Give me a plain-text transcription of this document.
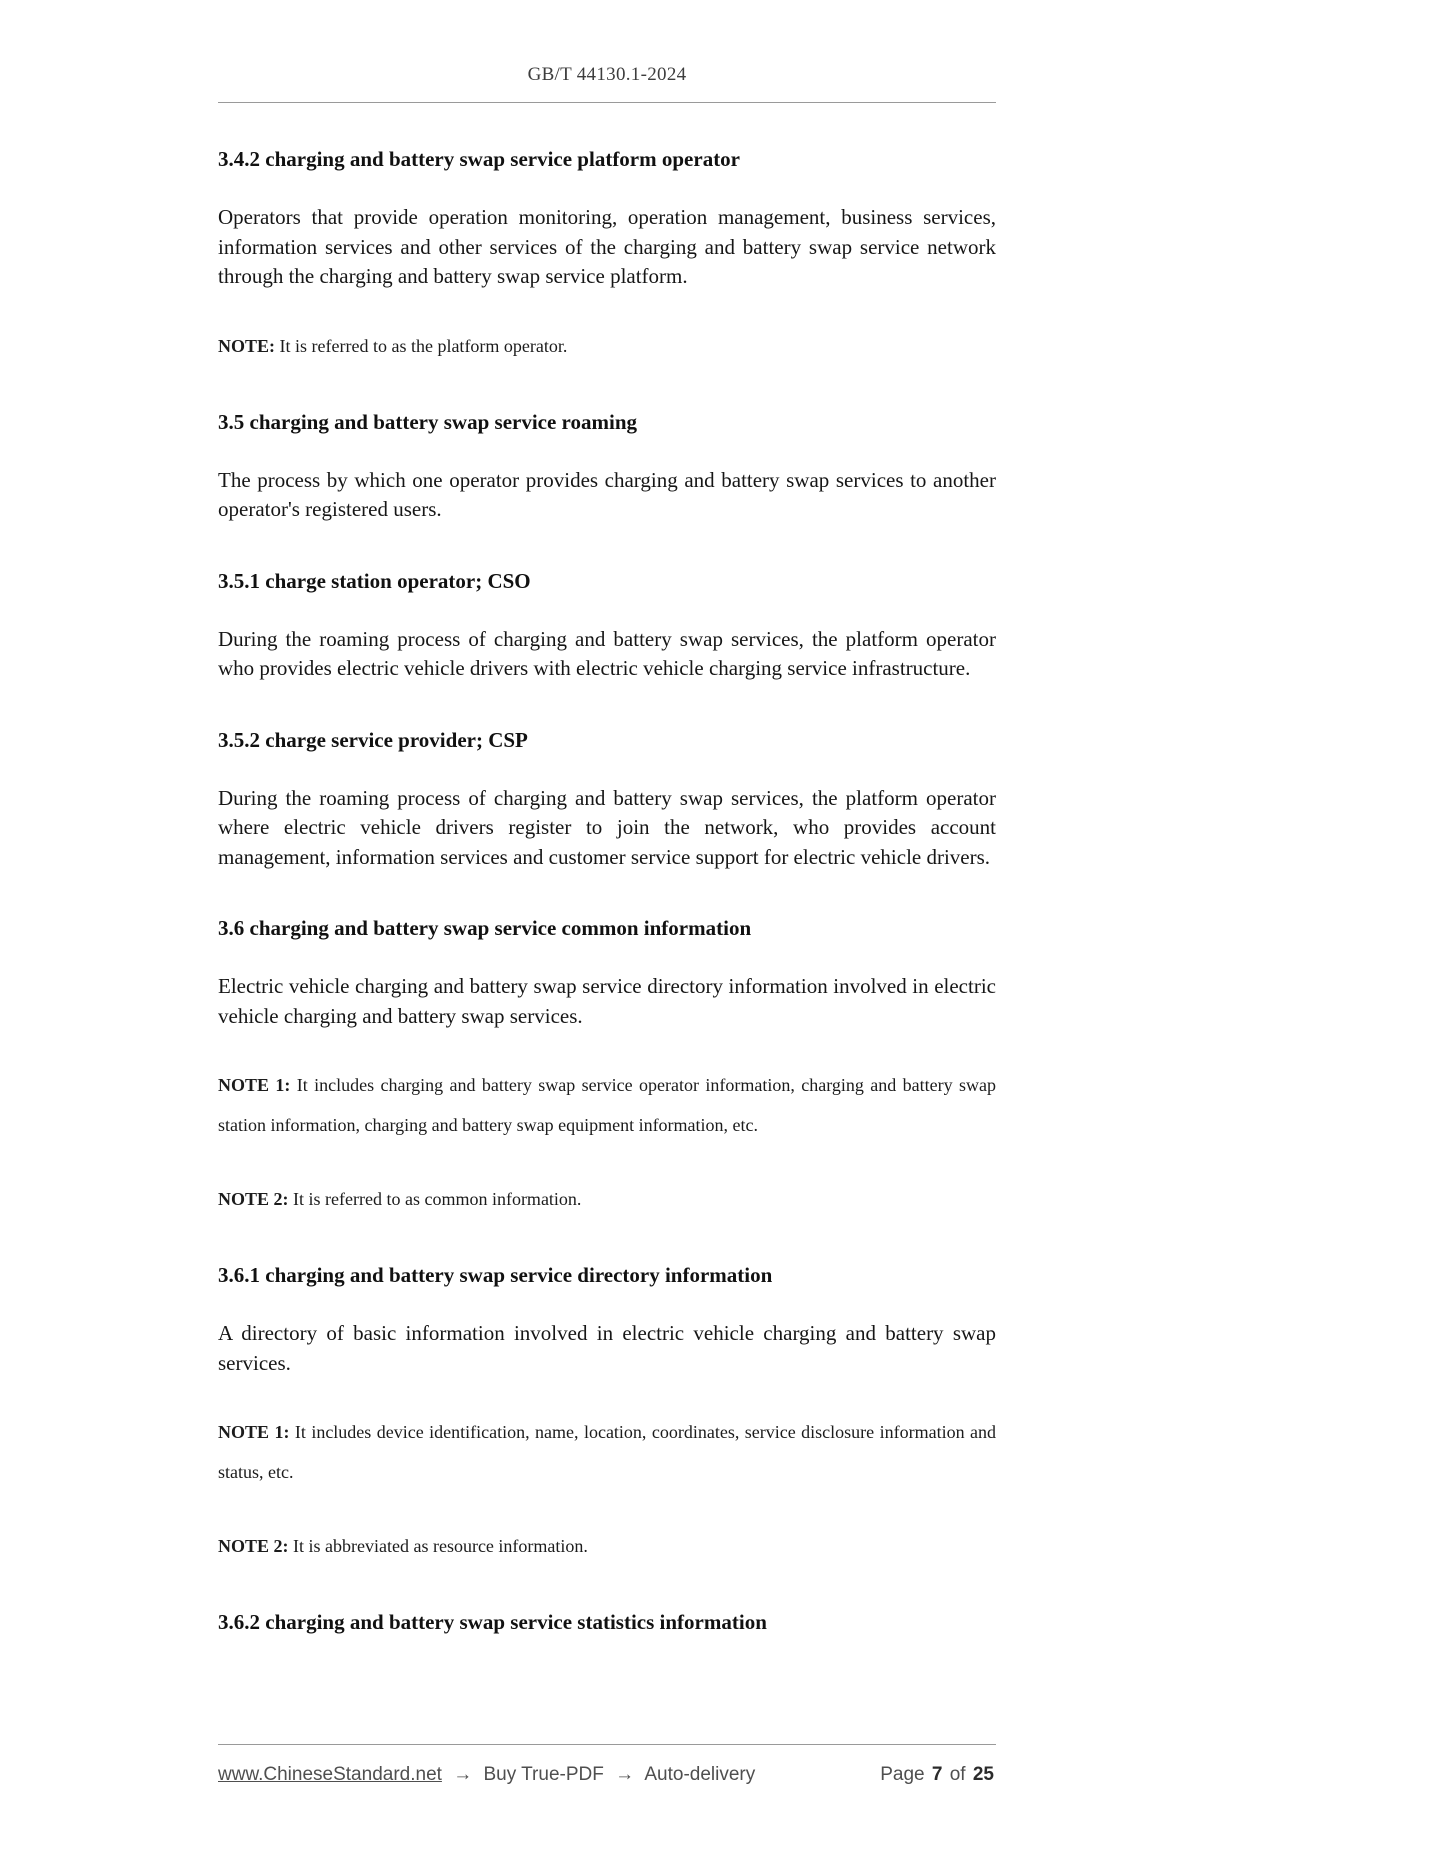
GB/T 44130.1-2024
3.4.2 charging and battery swap service platform operator

Operators that provide operation monitoring, operation management, business services, information services and other services of the charging and battery swap service network through the charging and battery swap service platform.

NOTE: It is referred to as the platform operator.

3.5 charging and battery swap service roaming

The process by which one operator provides charging and battery swap services to another operator's registered users.

3.5.1 charge station operator; CSO

During the roaming process of charging and battery swap services, the platform operator who provides electric vehicle drivers with electric vehicle charging service infrastructure.

3.5.2 charge service provider; CSP

During the roaming process of charging and battery swap services, the platform operator where electric vehicle drivers register to join the network, who provides account management, information services and customer service support for electric vehicle drivers.

3.6 charging and battery swap service common information

Electric vehicle charging and battery swap service directory information involved in electric vehicle charging and battery swap services.

NOTE 1: It includes charging and battery swap service operator information, charging and battery swap station information, charging and battery swap equipment information, etc.

NOTE 2: It is referred to as common information.

3.6.1 charging and battery swap service directory information

A directory of basic information involved in electric vehicle charging and battery swap services.

NOTE 1: It includes device identification, name, location, coordinates, service disclosure information and status, etc.

NOTE 2: It is abbreviated as resource information.

3.6.2 charging and battery swap service statistics information
www.ChineseStandard.net → Buy True-PDF → Auto-delivery	Page 7 of 25
